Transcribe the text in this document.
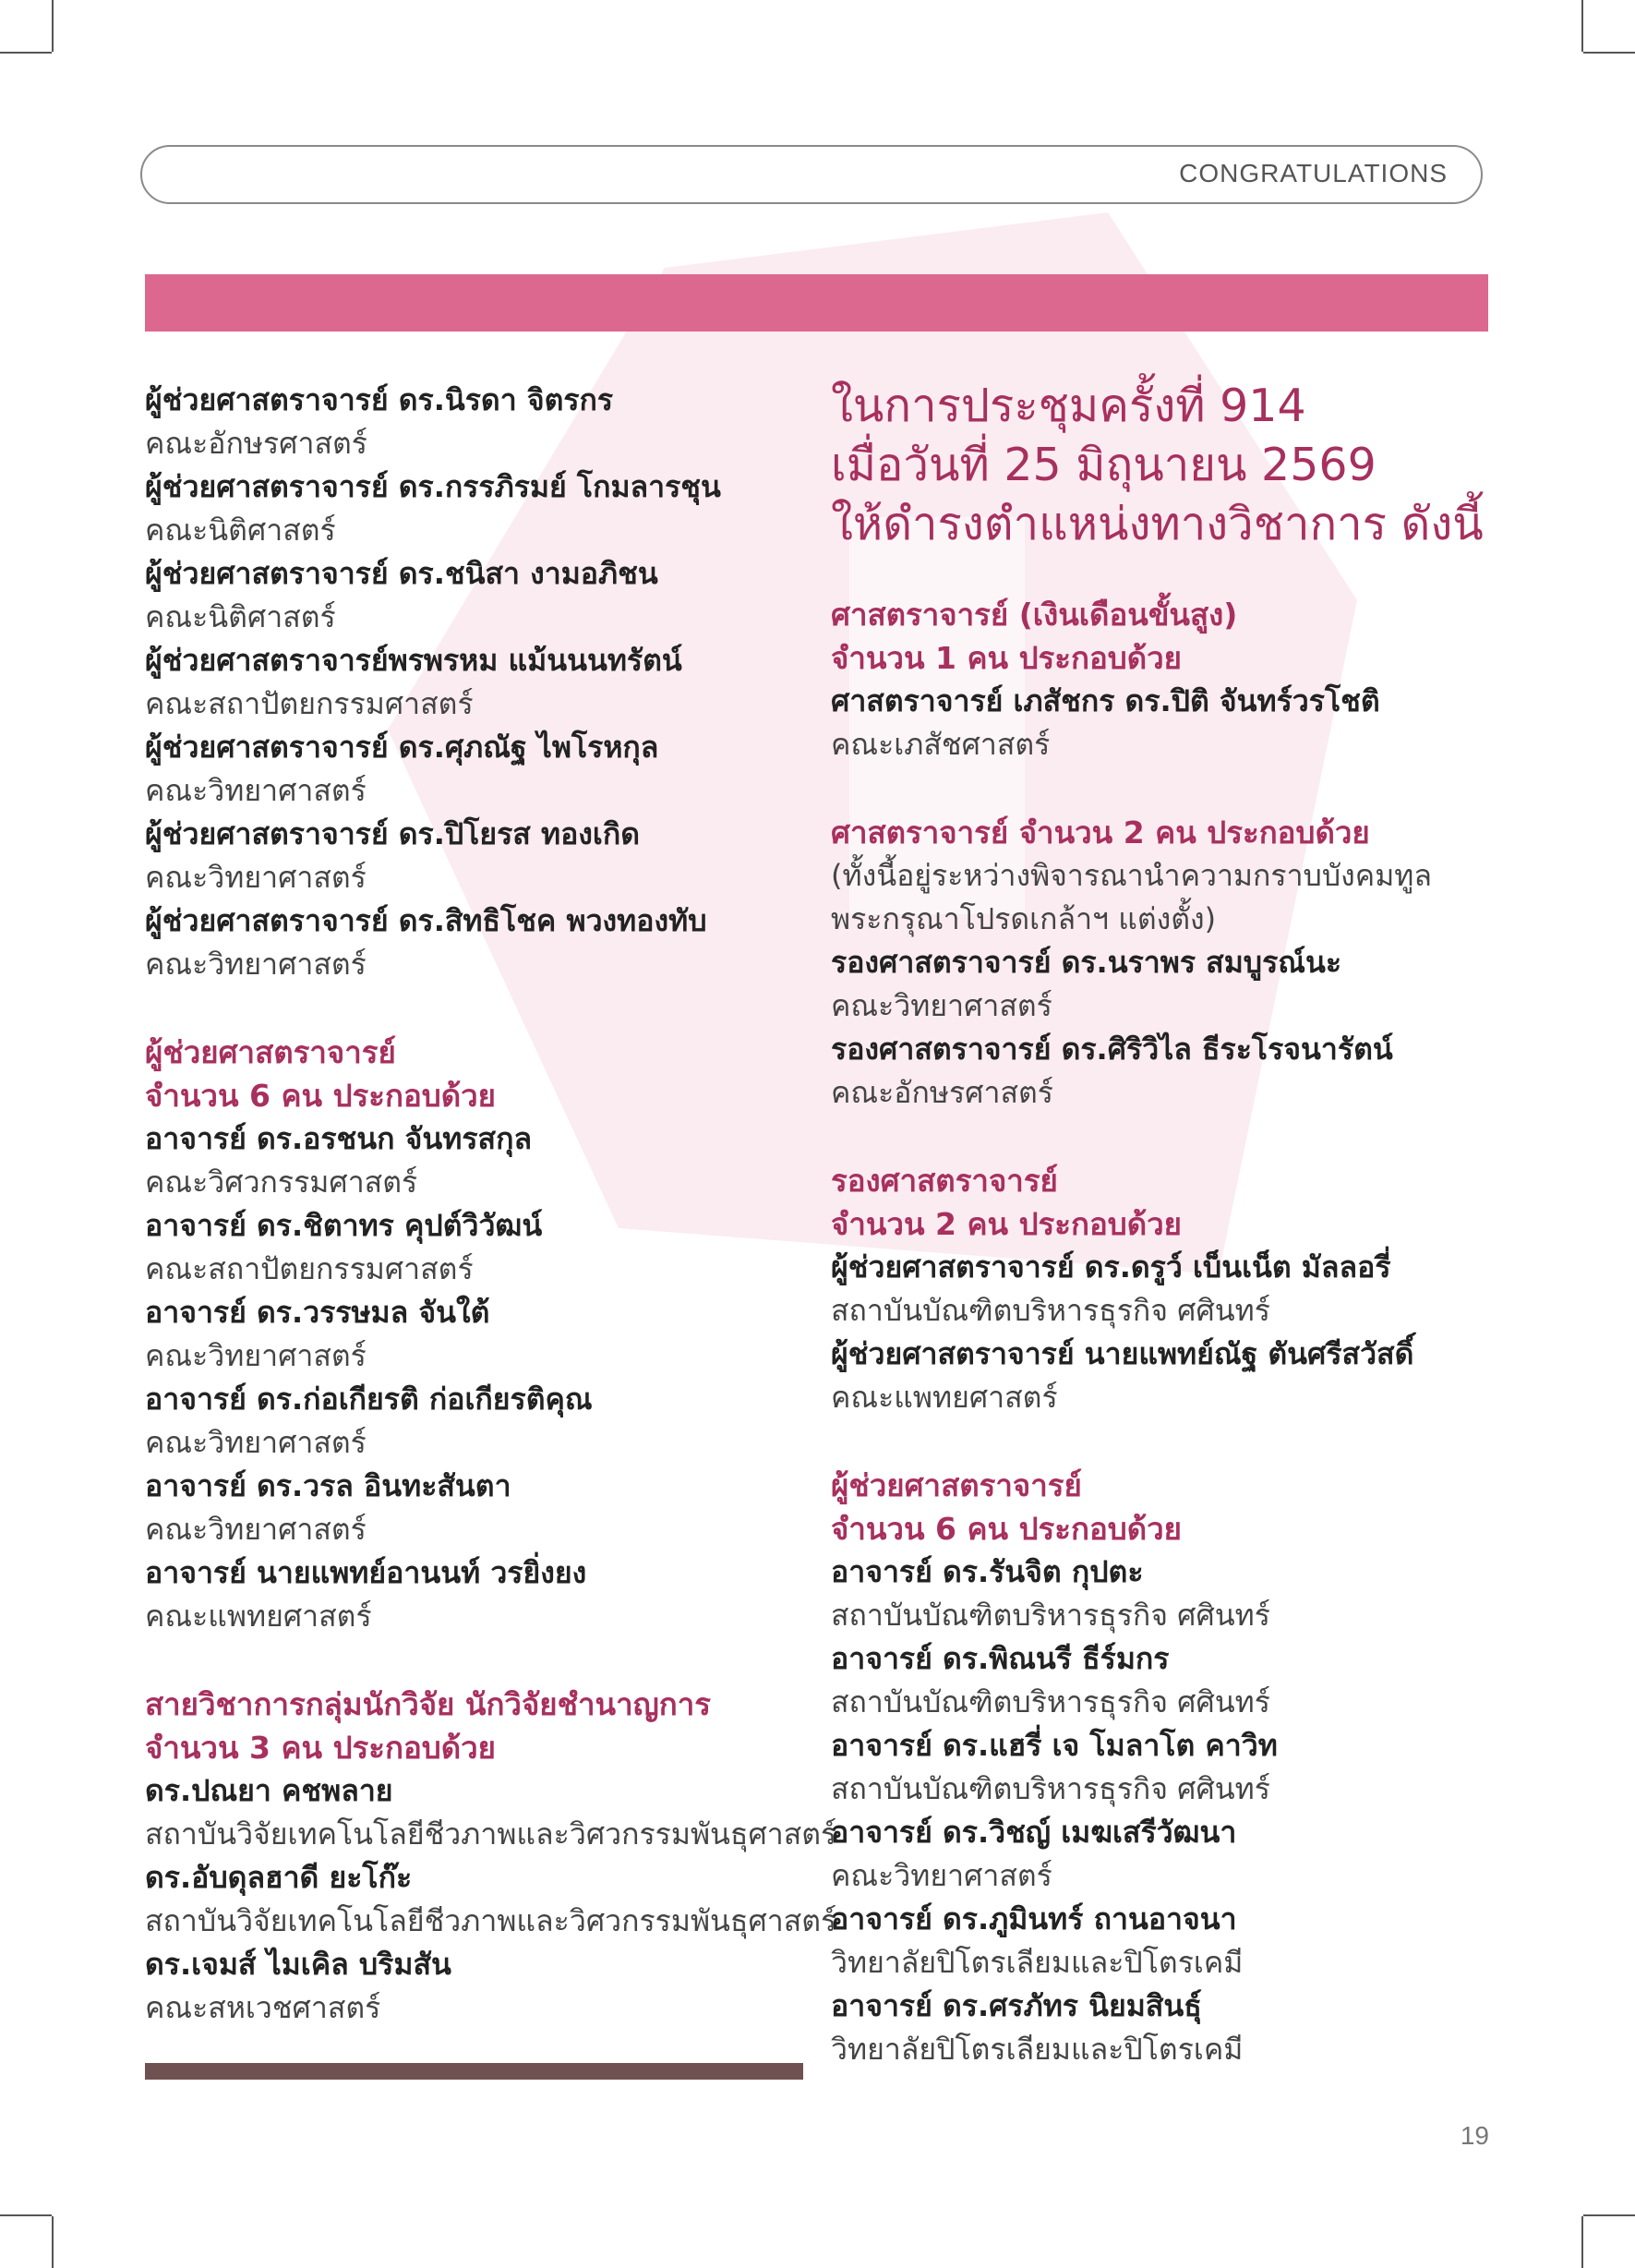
CONGRATULATIONS
ผู้ช่วยศาสตราจารย์ ดร.นิรดา จิตรกร
คณะอักษรศาสตร์
ผู้ช่วยศาสตราจารย์ ดร.กรรภิรมย์ โกมลารชุน
คณะนิติศาสตร์
ผู้ช่วยศาสตราจารย์ ดร.ชนิสา งามอภิชน
คณะนิติศาสตร์
ผู้ช่วยศาสตราจารย์พรพรหม แม้นนนทรัตน์
คณะสถาปัตยกรรมศาสตร์
ผู้ช่วยศาสตราจารย์ ดร.ศุภณัฐ ไพโรหกุล
คณะวิทยาศาสตร์
ผู้ช่วยศาสตราจารย์ ดร.ปิโยรส ทองเกิด
คณะวิทยาศาสตร์
ผู้ช่วยศาสตราจารย์ ดร.สิทธิโชค พวงทองทับ
คณะวิทยาศาสตร์
ผู้ช่วยศาสตราจารย์
จำนวน 6 คน ประกอบด้วย
อาจารย์ ดร.อรชนก จันทรสกุล
คณะวิศวกรรมศาสตร์
อาจารย์ ดร.ชิตาทร คุปต์วิวัฒน์
คณะสถาปัตยกรรมศาสตร์
อาจารย์ ดร.วรรษมล จันใต้
คณะวิทยาศาสตร์
อาจารย์ ดร.ก่อเกียรติ ก่อเกียรติคุณ
คณะวิทยาศาสตร์
อาจารย์ ดร.วรล อินทะสันตา
คณะวิทยาศาสตร์
อาจารย์ นายแพทย์อานนท์ วรยิ่งยง
คณะแพทยศาสตร์
สายวิชาการกลุ่มนักวิจัย นักวิจัยชำนาญการ
จำนวน 3 คน ประกอบด้วย
ดร.ปณยา คชพลาย
สถาบันวิจัยเทคโนโลยีชีวภาพและวิศวกรรมพันธุศาสตร์
ดร.อับดุลฮาดี ยะโก๊ะ
สถาบันวิจัยเทคโนโลยีชีวภาพและวิศวกรรมพันธุศาสตร์
ดร.เจมส์ ไมเคิล บริมสัน
คณะสหเวชศาสตร์
ในการประชุมครั้งที่ 914
เมื่อวันที่ 25 มิถุนายน 2569
ให้ดำรงตำแหน่งทางวิชาการ ดังนี้
ศาสตราจารย์ (เงินเดือนขั้นสูง)
จำนวน 1 คน ประกอบด้วย
ศาสตราจารย์ เภสัชกร ดร.ปิติ จันทร์วรโชติ
คณะเภสัชศาสตร์
ศาสตราจารย์ จำนวน 2 คน ประกอบด้วย
(ทั้งนี้อยู่ระหว่างพิจารณานำความกราบบังคมทูล
พระกรุณาโปรดเกล้าฯ แต่งตั้ง)
รองศาสตราจารย์ ดร.นราพร สมบูรณ์นะ
คณะวิทยาศาสตร์
รองศาสตราจารย์ ดร.ศิริวิไล ธีระโรจนารัตน์
คณะอักษรศาสตร์
รองศาสตราจารย์
จำนวน 2 คน ประกอบด้วย
ผู้ช่วยศาสตราจารย์ ดร.ดรูว์ เบ็นเน็ต มัลลอรี่
สถาบันบัณฑิตบริหารธุรกิจ ศศินทร์
ผู้ช่วยศาสตราจารย์ นายแพทย์ณัฐ ตันศรีสวัสดิ์
คณะแพทยศาสตร์
ผู้ช่วยศาสตราจารย์
จำนวน 6 คน ประกอบด้วย
อาจารย์ ดร.รันจิต กุปตะ
สถาบันบัณฑิตบริหารธุรกิจ ศศินทร์
อาจารย์ ดร.พิณนรี ธีร์มกร
สถาบันบัณฑิตบริหารธุรกิจ ศศินทร์
อาจารย์ ดร.แฮรี่ เจ โมลาโต คาวิท
สถาบันบัณฑิตบริหารธุรกิจ ศศินทร์
อาจารย์ ดร.วิชญ์ เมฆเสรีวัฒนา
คณะวิทยาศาสตร์
อาจารย์ ดร.ภูมินทร์ ถานอาจนา
วิทยาลัยปิโตรเลียมและปิโตรเคมี
อาจารย์ ดร.ศรภัทร นิยมสินธุ์
วิทยาลัยปิโตรเลียมและปิโตรเคมี
19
